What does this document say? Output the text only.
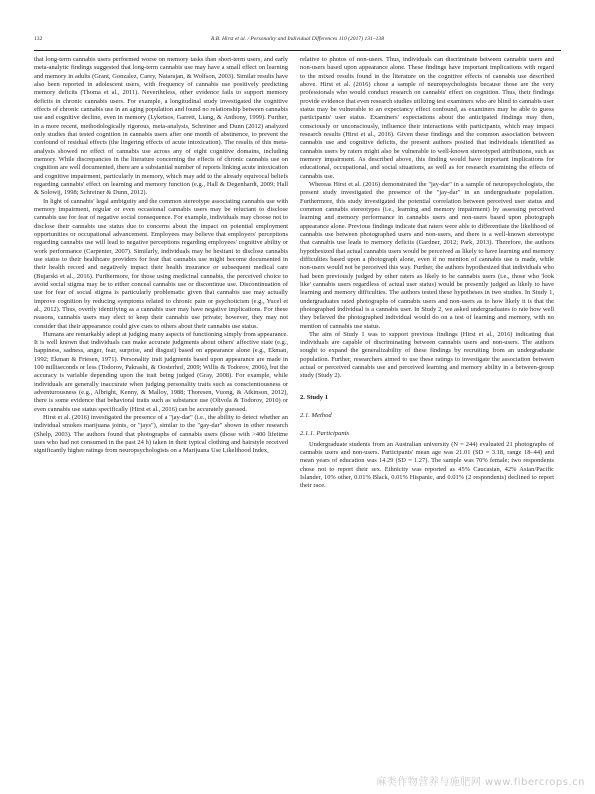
132	R.B. Hirst et al. / Personality and Individual Differences 110 (2017) 131–138

that long-term cannabis users performed worse on memory tasks than short-term users, and early meta-analytic findings suggested that long-term cannabis use may have a small effect on learning and memory in adults (Grant, Gonzalez, Carey, Natarajan, & Wolfson, 2003). Similar results have also been reported in adolescent users, with frequency of cannabis use positively predicting memory deficits (Thoma et al., 2011). Nevertheless, other evidence fails to support memory deficits in chronic cannabis users. For example, a longitudinal study investigated the cognitive effects of chronic cannabis use in an aging population and found no relationship between cannabis use and cognitive decline, even in memory (Lyketsos, Garrett, Liang, & Anthony, 1999). Further, in a more recent, methodologically rigorous, meta-analysis, Schreiner and Dunn (2012) analyzed only studies that tested cognition in cannabis users after one month of abstinence, to prevent the confound of residual effects (the lingering effects of acute intoxication). The results of this meta-analysis showed no effect of cannabis use across any of eight cognitive domains, including memory. While discrepancies in the literature concerning the effects of chronic cannabis use on cognition are well documented, there are a substantial number of reports linking acute intoxication and cognitive impairment, particularly in memory, which may add to the already equivocal beliefs regarding cannabis' effect on learning and memory function (e.g., Hall & Degenhardt, 2009; Hall & Solowij, 1998; Schreiner & Dunn, 2012).

In light of cannabis' legal ambiguity and the common stereotype associating cannabis use with memory impairment, regular or even occasional cannabis users may be reluctant to disclose cannabis use for fear of negative social consequence. For example, individuals may choose not to disclose their cannabis use status due to concerns about the impact on potential employment opportunities or occupational advancement. Employees may believe that employers' perceptions regarding cannabis use will lead to negative perceptions regarding employees' cognitive ability or work performance (Carpenter, 2007). Similarly, individuals may be hesitant to disclose cannabis use status to their healthcare providers for fear that cannabis use might become documented in their health record and negatively impact their health insurance or subsequent medical care (Bujarski et al., 2016). Furthermore, for those using medicinal cannabis, the perceived choice to avoid social stigma may be to either conceal cannabis use or discontinue use. Discontinuation of use for fear of social stigma is particularly problematic given that cannabis use may actually improve cognition by reducing symptoms related to chronic pain or psychoticism (e.g., Yucel et al., 2012). Thus, overtly identifying as a cannabis user may have negative implications. For these reasons, cannabis users may elect to keep their cannabis use private; however, they may not consider that their appearance could give cues to others about their cannabis use status.

Humans are remarkably adept at judging many aspects of functioning simply from appearance. It is well known that individuals can make accurate judgments about others' affective state (e.g., happiness, sadness, anger, fear, surprise, and disgust) based on appearance alone (e.g., Ekman, 1992; Ekman & Friesen, 1971). Personality trait judgments based upon appearance are made in 100 milliseconds or less (Todorov, Pakrashi, & Oosterhof, 2009; Willis & Todorov, 2006), but the accuracy is variable depending upon the trait being judged (Gray, 2008). For example, while individuals are generally inaccurate when judging personality traits such as conscientiousness or adventurousness (e.g., Albright, Kenny, & Malloy, 1988; Thoresen, Vuong, & Atkinson, 2012), there is some evidence that behavioral traits such as substance use (Olivola & Todorov, 2010) or even cannabis use status specifically (Hirst et al., 2016) can be accurately guessed.

Hirst et al. (2016) investigated the presence of a "jay-dar" (i.e., the ability to detect whether an individual smokes marijuana joints, or "jays"), similar to the "gay-dar" shown in other research (Shelp, 2003). The authors found that photographs of cannabis users (those with >400 lifetime uses who had not consumed in the past 24 h) taken in their typical clothing and hairstyle received significantly higher ratings from neuropsychologists on a Marijuana Use Likelihood Index,

relative to photos of non-users. Thus, individuals can discriminate between cannabis users and non-users based upon appearance alone. These findings have important implications with regard to the mixed results found in the literature on the cognitive effects of cannabis use described above. Hirst et al. (2016) chose a sample of neuropsychologists because those are the very professionals who would conduct research on cannabis' effect on cognition. Thus, their findings provide evidence that even research studies utilizing test examiners who are blind to cannabis user status may be vulnerable to an expectancy effect confound, as examiners may be able to guess participants' user status. Examiners' expectations about the anticipated findings may then, consciously or unconsciously, influence their interactions with participants, which may impact research results (Hirst et al., 2016). Given these findings and the common association between cannabis use and cognitive deficits, the present authors posited that individuals identified as cannabis users by raters might also be vulnerable to well-known stereotyped attributions, such as memory impairment. As described above, this finding would have important implications for educational, occupational, and social situations, as well as for research examining the effects of cannabis use.

Whereas Hirst et al. (2016) demonstrated the "jay-dar" in a sample of neuropsychologists, the present study investigated the presence of the "jay-dar" in an undergraduate population. Furthermore, this study investigated the potential correlation between perceived user status and common cannabis stereotypes (i.e., learning and memory impairment) by assessing perceived learning and memory performance in cannabis users and non-users based upon photograph appearance alone. Previous findings indicate that raters were able to differentiate the likelihood of cannabis use between photographed users and non-users, and there is a well-known stereotype that cannabis use leads to memory deficits (Gardner, 2012; Park, 2013). Therefore, the authors hypothesized that actual cannabis users would be perceived as likely to have learning and memory difficulties based upon a photograph alone, even if no mention of cannabis use is made, while non-users would not be perceived this way. Further, the authors hypothesized that individuals who had been previously judged by other raters as likely to be cannabis users (i.e., those who 'look like' cannabis users regardless of actual user status) would be presently judged as likely to have learning and memory difficulties. The authors tested these hypotheses in two studies. In Study 1, undergraduates rated photographs of cannabis users and non-users as to how likely it is that the photographed individual is a cannabis user. In Study 2, we asked undergraduates to rate how well they believed the photographed individual would do on a test of learning and memory, with no mention of cannabis use status.

The aim of Study 1 was to support previous findings (Hirst et al., 2016) indicating that individuals are capable of discriminating between cannabis users and non-users. The authors sought to expand the generalizability of these findings by recruiting from an undergraduate population. Further, researchers aimed to use these ratings to investigate the association between actual or perceived cannabis use and perceived learning and memory ability in a between-group study (Study 2).

2. Study 1
2.1. Method
2.1.1. Participants

Undergraduate students from an Australian university (N = 244) evaluated 21 photographs of cannabis users and non-users. Participants' mean age was 21.01 (SD = 3.18, range 18–44) and mean years of education was 14.29 (SD = 1.27). The sample was 70% female; two respondents chose not to report their sex. Ethnicity was reported as 45% Caucasian, 42% Asian/Pacific Islander, 10% other, 0.01% Black, 0.01% Hispanic, and 0.01% (2 respondents) declined to report their race.

麻类作物营养与施肥网 www.fibercrops.cn
